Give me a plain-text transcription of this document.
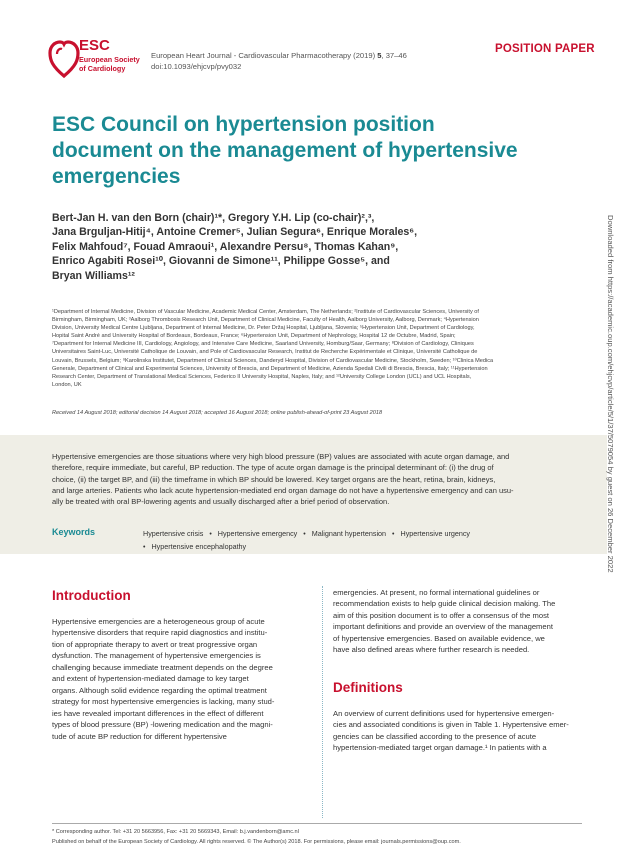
ESC
European Society
of Cardiology
European Heart Journal - Cardiovascular Pharmacotherapy (2019) 5, 37–46
doi:10.1093/ehjcvp/pvy032
POSITION PAPER
ESC Council on hypertension position
document on the management of hypertensive
emergencies
Bert-Jan H. van den Born (chair)¹*, Gregory Y.H. Lip (co-chair)²,³,
Jana Brguljan-Hitij⁴, Antoine Cremer⁵, Julian Segura⁶, Enrique Morales⁶,
Felix Mahfoud⁷, Fouad Amraoui¹, Alexandre Persu⁸, Thomas Kahan⁹,
Enrico Agabiti Rosei¹⁰, Giovanni de Simone¹¹, Philippe Gosse⁵, and
Bryan Williams¹²
¹Department of Internal Medicine, Division of Vascular Medicine, Academic Medical Center, Amsterdam, The Netherlands; ²Institute of Cardiovascular Sciences, University of
Birmingham, Birmingham, UK; ³Aalborg Thrombosis Research Unit, Department of Clinical Medicine, Faculty of Health, Aalborg University, Aalborg, Denmark; ⁴Hypertension
Division, University Medical Centre Ljubljana, Department of Internal Medicine, Dr. Peter Držaj Hospital, Ljubljana, Slovenia; ⁵Hypertension Unit, Department of Cardiology,
Hopital Saint André and University Hospital of Bordeaux, Bordeaux, France; ⁶Hypertension Unit, Department of Nephrology, Hospital 12 de Octubre, Madrid, Spain;
⁷Department for Internal Medicine III, Cardiology, Angiology, and Intensive Care Medicine, Saarland University, Homburg/Saar, Germany; ⁸Division of Cardiology, Cliniques
Universitaires Saint-Luc, Université Catholique de Louvain, and Pole of Cardiovascular Research, Institut de Recherche Expérimentale et Clinique, Université Catholique de
Louvain, Brussels, Belgium; ⁹Karolinska Institutet, Department of Clinical Sciences, Danderyd Hospital, Division of Cardiovascular Medicine, Stockholm, Sweden; ¹⁰Clinica Medica
Generale, Department of Clinical and Experimental Sciences, University of Brescia, and Department of Medicine, Azienda Spedali Civili di Brescia, Brescia, Italy; ¹¹Hypertension
Research Center, Department of Translational Medical Sciences, Federico II University Hospital, Naples, Italy; and ¹²University College London (UCL) and UCL Hospitals,
London, UK
Received 14 August 2018; editorial decision 14 August 2018; accepted 16 August 2018; online publish-ahead-of-print 23 August 2018
Hypertensive emergencies are those situations where very high blood pressure (BP) values are associated with acute organ damage, and
therefore, require immediate, but careful, BP reduction. The type of acute organ damage is the principal determinant of: (i) the drug of
choice, (ii) the target BP, and (iii) the timeframe in which BP should be lowered. Key target organs are the heart, retina, brain, kidneys,
and large arteries. Patients who lack acute hypertension-mediated end organ damage do not have a hypertensive emergency and can usu-
ally be treated with oral BP-lowering agents and usually discharged after a brief period of observation.
Keywords	Hypertensive crisis • Hypertensive emergency • Malignant hypertension • Hypertensive urgency
• Hypertensive encephalopathy
Introduction
Hypertensive emergencies are a heterogeneous group of acute
hypertensive disorders that require rapid diagnostics and institu-
tion of appropriate therapy to avert or treat progressive organ
dysfunction. The management of hypertensive emergencies is
challenging because immediate treatment depends on the degree
and extent of hypertension-mediated damage to key target
organs. Although solid evidence regarding the optimal treatment
strategy for most hypertensive emergencies is lacking, many stud-
ies have revealed important differences in the effect of different
types of blood pressure (BP) -lowering medication and the magni-
tude of acute BP reduction for different hypertensive
emergencies. At present, no formal international guidelines or
recommendation exists to help guide clinical decision making. The
aim of this position document is to offer a consensus of the most
important definitions and provide an overview of the management
of hypertensive emergencies. Based on available evidence, we
have also defined areas where further research is needed.
Definitions
An overview of current definitions used for hypertensive emergen-
cies and associated conditions is given in Table 1. Hypertensive emer-
gencies can be classified according to the presence of acute
hypertension-mediated target organ damage.¹ In patients with a
Downloaded from https://academic.oup.com/ehjcvp/article/5/1/37/5079054 by guest on 26 December 2022
* Corresponding author. Tel: +31 20 5663956, Fax: +31 20 5669343, Email: b.j.vandenborn@amc.nl
Published on behalf of the European Society of Cardiology. All rights reserved. © The Author(s) 2018. For permissions, please email: journals.permissions@oup.com.
